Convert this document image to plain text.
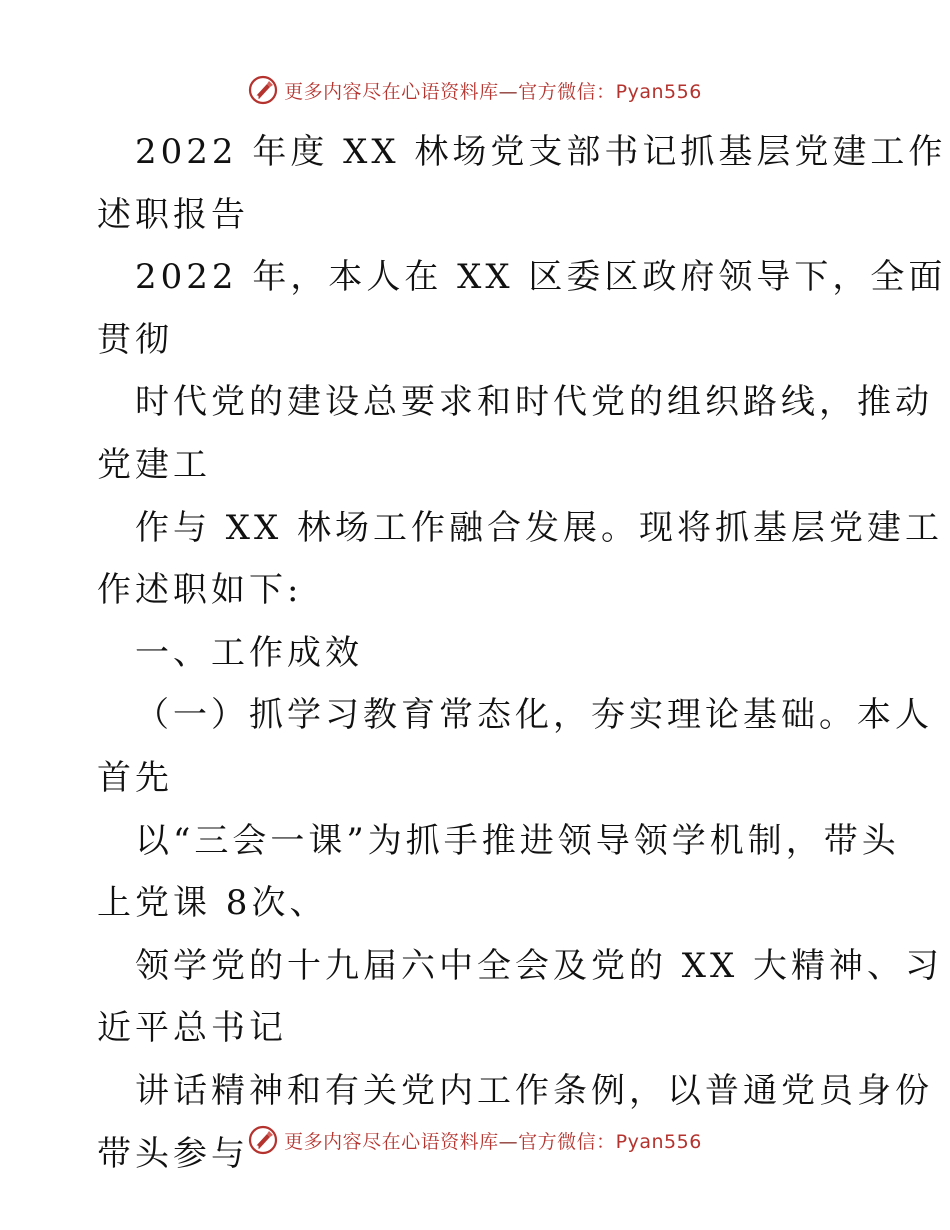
更多内容尽在心语资料库—官方微信：Pyan556
2022 年度 XX 林场党支部书记抓基层党建工作
述职报告
2022 年，本人在 XX 区委区政府领导下，全面
贯彻
时代党的建设总要求和时代党的组织路线，推动
党建工
作与 XX 林场工作融合发展。现将抓基层党建工
作述职如下:
一、工作成效
（一）抓学习教育常态化，夯实理论基础。本人
首先
以“三会一课”为抓手推进领导领学机制，带头
上党课 8次、
领学党的十九届六中全会及党的 XX 大精神、习
近平总书记
讲话精神和有关党内工作条例，以普通党员身份
带头参与	更多内容尽在心语资料库—官方微信：Pyan556
